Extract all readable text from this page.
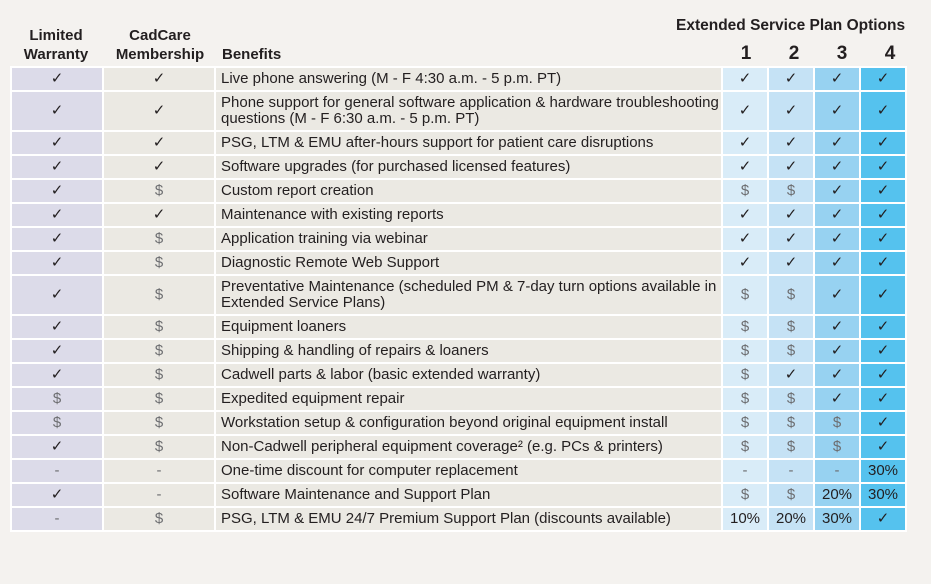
Limited Warranty
CadCare Membership	Benefits
Extended Service Plan Options
1	2	3	4
✓	✓	Live phone answering (M - F 4:30 a.m. - 5 p.m. PT)	✓	✓	✓	✓
✓	✓	Phone support for general software application & hardware troubleshooting questions (M - F 6:30 a.m. - 5 p.m. PT)	✓	✓	✓	✓
✓	✓	PSG, LTM & EMU after-hours support for patient care disruptions	✓	✓	✓	✓
✓	✓	Software upgrades (for purchased licensed features)	✓	✓	✓	✓
✓	$	Custom report creation	$	$	✓	✓
✓	✓	Maintenance with existing reports	✓	✓	✓	✓
✓	$	Application training via webinar	✓	✓	✓	✓
✓	$	Diagnostic Remote Web Support	✓	✓	✓	✓
✓	$	Preventative Maintenance (scheduled PM & 7-day turn options available in Extended Service Plans)	$	$	✓	✓
✓	$	Equipment loaners	$	$	✓	✓
✓	$	Shipping & handling of repairs & loaners	$	$	✓	✓
✓	$	Cadwell parts & labor (basic extended warranty)	$	✓	✓	✓
$	$	Expedited equipment repair	$	$	✓	✓
$	$	Workstation setup & configuration beyond original equipment install	$	$	$	✓
✓	$	Non-Cadwell peripheral equipment coverage² (e.g. PCs & printers)	$	$	$	✓
-	-	One-time discount for computer replacement	-	-	-	30%
✓	-	Software Maintenance and Support Plan	$	$	20%	30%
-	$	PSG, LTM & EMU 24/7 Premium Support Plan (discounts available)	10%	20%	30%	✓
